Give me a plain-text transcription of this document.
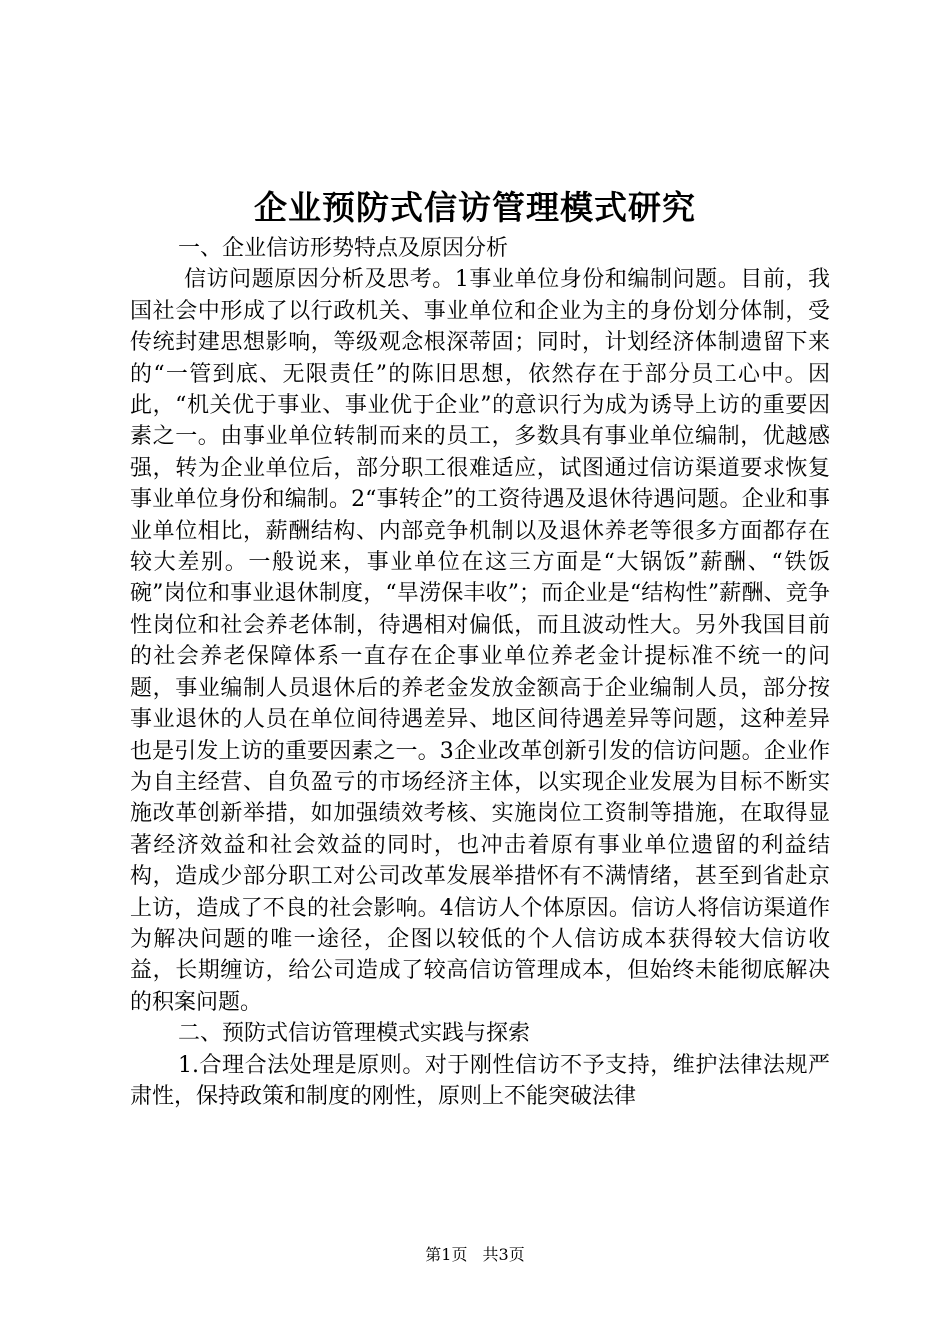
企业预防式信访管理模式研究

一、企业信访形势特点及原因分析

信访问题原因分析及思考。1事业单位身份和编制问题。目前，我国社会中形成了以行政机关、事业单位和企业为主的身份划分体制，受传统封建思想影响，等级观念根深蒂固；同时，计划经济体制遗留下来的“一管到底、无限责任”的陈旧思想，依然存在于部分员工心中。因此，“机关优于事业、事业优于企业”的意识行为成为诱导上访的重要因素之一。由事业单位转制而来的员工，多数具有事业单位编制，优越感强，转为企业单位后，部分职工很难适应，试图通过信访渠道要求恢复事业单位身份和编制。2“事转企”的工资待遇及退休待遇问题。企业和事业单位相比，薪酬结构、内部竞争机制以及退休养老等很多方面都存在较大差别。一般说来，事业单位在这三方面是“大锅饭”薪酬、“铁饭碗”岗位和事业退休制度，“旱涝保丰收”；而企业是“结构性”薪酬、竞争性岗位和社会养老体制，待遇相对偏低，而且波动性大。另外我国目前的社会养老保障体系一直存在企事业单位养老金计提标准不统一的问题，事业编制人员退休后的养老金发放金额高于企业编制人员，部分按事业退休的人员在单位间待遇差异、地区间待遇差异等问题，这种差异也是引发上访的重要因素之一。3企业改革创新引发的信访问题。企业作为自主经营、自负盈亏的市场经济主体，以实现企业发展为目标不断实施改革创新举措，如加强绩效考核、实施岗位工资制等措施，在取得显著经济效益和社会效益的同时，也冲击着原有事业单位遗留的利益结构，造成少部分职工对公司改革发展举措怀有不满情绪，甚至到省赴京上访，造成了不良的社会影响。4信访人个体原因。信访人将信访渠道作为解决问题的唯一途径，企图以较低的个人信访成本获得较大信访收益，长期缠访，给公司造成了较高信访管理成本，但始终未能彻底解决的积案问题。

二、预防式信访管理模式实践与探索

1.合理合法处理是原则。对于刚性信访不予支持，维护法律法规严肃性，保持政策和制度的刚性，原则上不能突破法律

第1页 共3页
